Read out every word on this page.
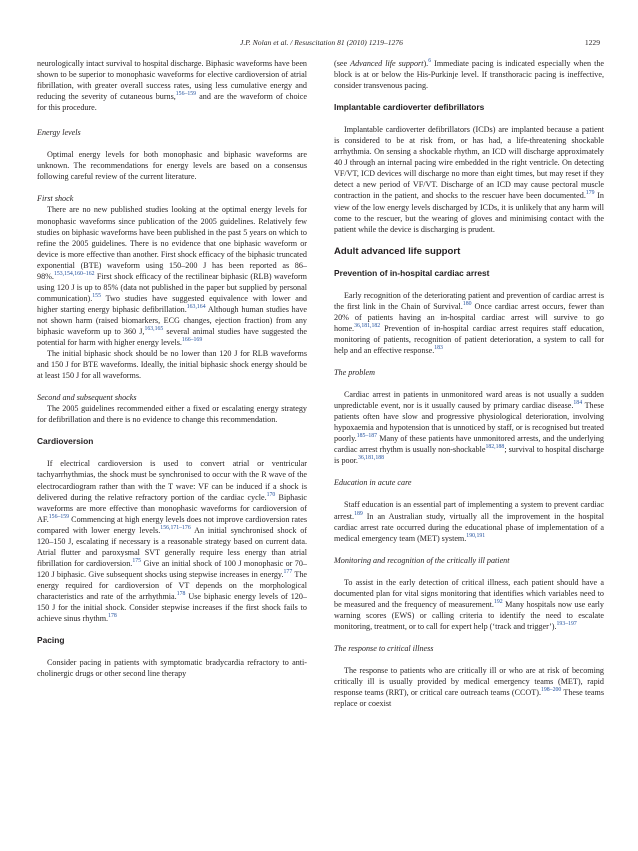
J.P. Nolan et al. / Resuscitation 81 (2010) 1219–1276	1229

neurologically intact survival to hospital discharge. Biphasic waveforms have been shown to be superior to monophasic waveforms for elective cardioversion of atrial fibrillation, with greater overall success rates, using less cumulative energy and reducing the severity of cutaneous burns,$^{156-159}$ and are the waveform of choice for this procedure.

Energy levels

Optimal energy levels for both monophasic and biphasic waveforms are unknown. The recommendations for energy levels are based on a consensus following careful review of the current literature.

First shock

There are no new published studies looking at the optimal energy levels for monophasic waveforms since publication of the 2005 guidelines. Relatively few studies on biphasic waveforms have been published in the past 5 years on which to refine the 2005 guidelines. There is no evidence that one biphasic waveform or device is more effective than another. First shock efficacy of the biphasic truncated exponential (BTE) waveform using 150–200 J has been reported as 86–98%.$^{153,154,160-162}$ First shock efficacy of the rectilinear biphasic (RLB) waveform using 120 J is up to 85% (data not published in the paper but supplied by personal communication).$^{155}$ Two studies have suggested equivalence with lower and higher starting energy biphasic defibrillation.$^{163,164}$ Although human studies have not shown harm (raised biomarkers, ECG changes, ejection fraction) from any biphasic waveform up to 360 J,$^{163,165}$ several animal studies have suggested the potential for harm with higher energy levels.$^{166-169}$

The initial biphasic shock should be no lower than 120 J for RLB waveforms and 150 J for BTE waveforms. Ideally, the initial biphasic shock energy should be at least 150 J for all waveforms.

Second and subsequent shocks

The 2005 guidelines recommended either a fixed or escalating energy strategy for defibrillation and there is no evidence to change this recommendation.

Cardioversion

If electrical cardioversion is used to convert atrial or ventricular tachyarrhythmias, the shock must be synchronised to occur with the R wave of the electrocardiogram rather than with the T wave: VF can be induced if a shock is delivered during the relative refractory portion of the cardiac cycle.$^{170}$ Biphasic waveforms are more effective than monophasic waveforms for cardioversion of AF.$^{156-159}$ Commencing at high energy levels does not improve cardioversion rates compared with lower energy levels.$^{156,171-176}$ An initial synchronised shock of 120–150 J, escalating if necessary is a reasonable strategy based on current data. Atrial flutter and paroxysmal SVT generally require less energy than atrial fibrillation for cardioversion.$^{175}$ Give an initial shock of 100 J monophasic or 70–120 J biphasic. Give subsequent shocks using stepwise increases in energy.$^{177}$ The energy required for cardioversion of VT depends on the morphological characteristics and rate of the arrhythmia.$^{178}$ Use biphasic energy levels of 120–150 J for the initial shock. Consider stepwise increases if the first shock fails to achieve sinus rhythm.$^{178}$

Pacing

Consider pacing in patients with symptomatic bradycardia refractory to anti-cholinergic drugs or other second line therapy

(see Advanced life support).$^6$ Immediate pacing is indicated especially when the block is at or below the His-Purkinje level. If transthoracic pacing is ineffective, consider transvenous pacing.

Implantable cardioverter defibrillators

Implantable cardioverter defibrillators (ICDs) are implanted because a patient is considered to be at risk from, or has had, a life-threatening shockable arrhythmia. On sensing a shockable rhythm, an ICD will discharge approximately 40 J through an internal pacing wire embedded in the right ventricle. On detecting VF/VT, ICD devices will discharge no more than eight times, but may reset if they detect a new period of VF/VT. Discharge of an ICD may cause pectoral muscle contraction in the patient, and shocks to the rescuer have been documented.$^{179}$ In view of the low energy levels discharged by ICDs, it is unlikely that any harm will come to the rescuer, but the wearing of gloves and minimising contact with the patient while the device is discharging is prudent.

Adult advanced life support
Prevention of in-hospital cardiac arrest

Early recognition of the deteriorating patient and prevention of cardiac arrest is the first link in the Chain of Survival.$^{180}$ Once cardiac arrest occurs, fewer than 20% of patients having an in-hospital cardiac arrest will survive to go home.$^{36,181,182}$ Prevention of in-hospital cardiac arrest requires staff education, monitoring of patients, recognition of patient deterioration, a system to call for help and an effective response.$^{183}$

The problem

Cardiac arrest in patients in unmonitored ward areas is not usually a sudden unpredictable event, nor is it usually caused by primary cardiac disease.$^{184}$ These patients often have slow and progressive physiological deterioration, involving hypoxaemia and hypotension that is unnoticed by staff, or is recognised but treated poorly.$^{185-187}$ Many of these patients have unmonitored arrests, and the underlying cardiac arrest rhythm is usually non-shockable$^{182,188}$; survival to hospital discharge is poor.$^{36,181,188}$

Education in acute care

Staff education is an essential part of implementing a system to prevent cardiac arrest.$^{189}$ In an Australian study, virtually all the improvement in the hospital cardiac arrest rate occurred during the educational phase of implementation of a medical emergency team (MET) system.$^{190,191}$

Monitoring and recognition of the critically ill patient

To assist in the early detection of critical illness, each patient should have a documented plan for vital signs monitoring that identifies which variables need to be measured and the frequency of measurement.$^{192}$ Many hospitals now use early warning scores (EWS) or calling criteria to identify the need to escalate monitoring, treatment, or to call for expert help (‘track and trigger’).$^{193-197}$

The response to critical illness

The response to patients who are critically ill or who are at risk of becoming critically ill is usually provided by medical emergency teams (MET), rapid response teams (RRT), or critical care outreach teams (CCOT).$^{198-200}$ These teams replace or coexist
